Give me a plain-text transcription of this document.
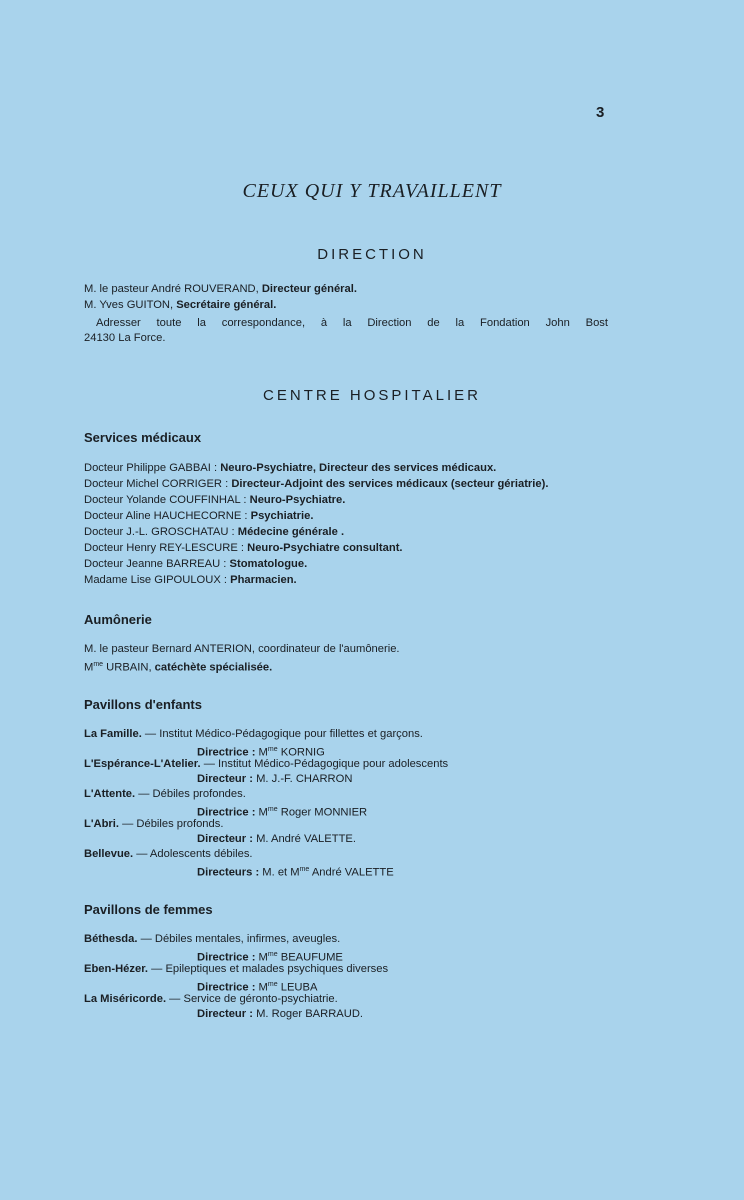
3
CEUX QUI Y TRAVAILLENT
DIRECTION
M. le pasteur André ROUVERAND, Directeur général.
M. Yves GUITON, Secrétaire général.
Adresser toute la correspondance, à la Direction de la Fondation John Bost
24130 La Force.
CENTRE HOSPITALIER
Services médicaux
Docteur Philippe GABBAI : Neuro-Psychiatre, Directeur des services médicaux.
Docteur Michel CORRIGER : Directeur-Adjoint des services médicaux (secteur gériatrie).
Docteur Yolande COUFFINHAL : Neuro-Psychiatre.
Docteur Aline HAUCHECORNE : Psychiatrie.
Docteur J.-L. GROSCHATAU : Médecine générale .
Docteur Henry REY-LESCURE : Neuro-Psychiatre consultant.
Docteur Jeanne BARREAU : Stomatologue.
Madame Lise GIPOULOUX : Pharmacien.
Aumônerie
M. le pasteur Bernard ANTERION, coordinateur de l'aumônerie.
$M^{me}$ URBAIN, catéchète spécialisée.
Pavillons d'enfants
La Famille. — Institut Médico-Pédagogique pour fillettes et garçons.
Directrice : $M^{me}$ KORNIG
L'Espérance-L'Atelier. — Institut Médico-Pédagogique pour adolescents
Directeur : M. J.-F. CHARRON
L'Attente. — Débiles profondes.
Directrice : $M^{me}$ Roger MONNIER
L'Abri. — Débiles profonds.
Directeur : M. André VALETTE.
Bellevue. — Adolescents débiles.
Directeurs : M. et $M^{me}$ André VALETTE
Pavillons de femmes
Béthesda. — Débiles mentales, infirmes, aveugles.
Directrice : $M^{me}$ BEAUFUME
Eben-Hézer. — Epileptiques et malades psychiques diverses
Directrice : $M^{me}$ LEUBA
La Miséricorde. — Service de géronto-psychiatrie.
Directeur : M. Roger BARRAUD.
